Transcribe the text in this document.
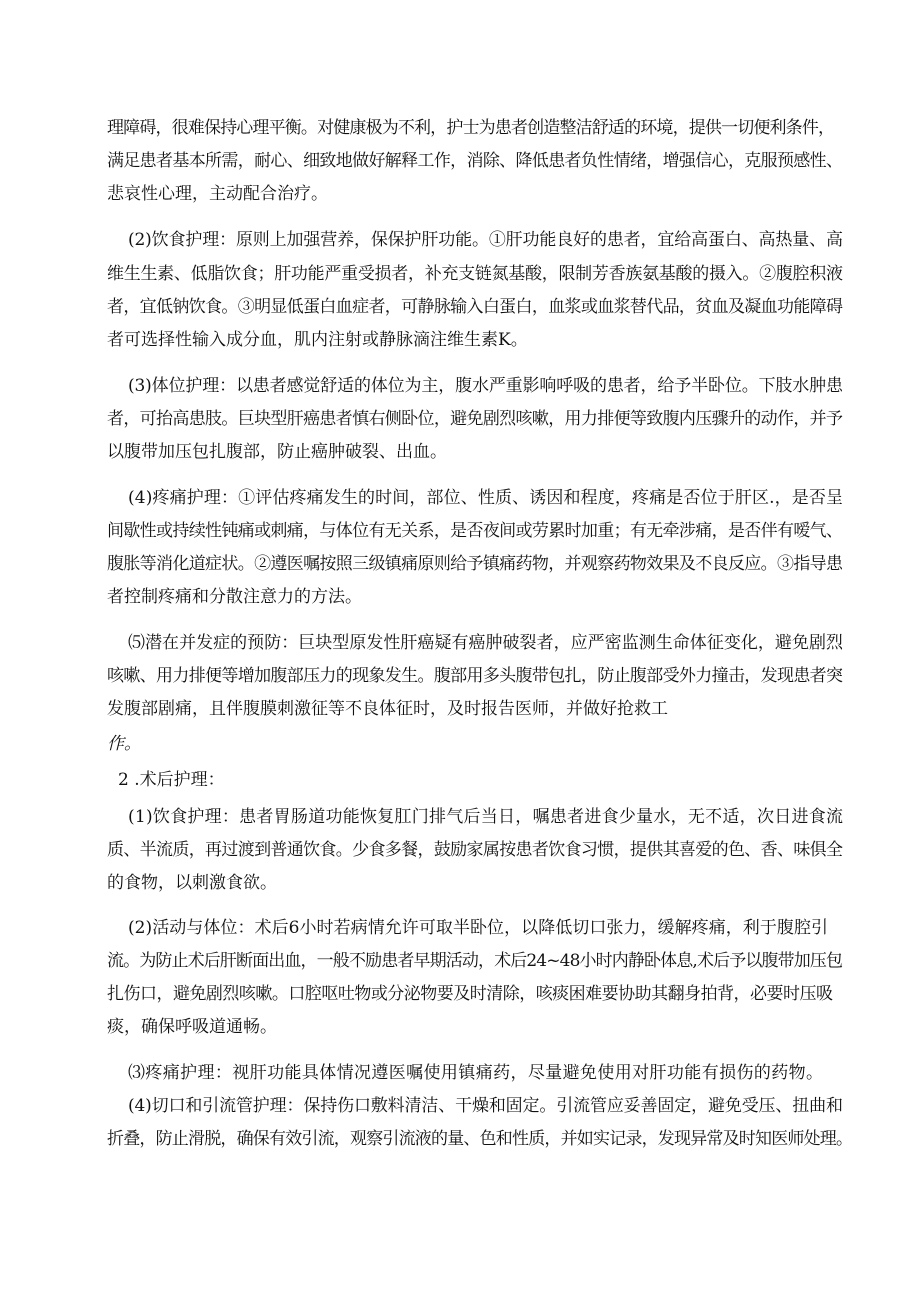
理障碍，很难保持心理平衡。对健康极为不利，护士为患者创造整洁舒适的环境，提供一切便利条件，

满足患者基本所需，耐心、细致地做好解释工作，消除、降低患者负性情绪，增强信心，克服预感性、

悲哀性心理，主动配合治疗。

(2)饮食护理：原则上加强营养，保保护肝功能。①肝功能良好的患者，宜给高蛋白、高热量、高

维生生素、低脂饮食；肝功能严重受损者，补充支链氮基酸，限制芳香族氨基酸的摄入。②腹腔积液

者，宜低钠饮食。③明显低蛋白血症者，可静脉输入白蛋白，血浆或血浆替代品，贫血及凝血功能障碍

者可选择性输入成分血，肌内注射或静脉滴注维生素K。

(3)体位护理：以患者感觉舒适的体位为主，腹水严重影响呼吸的患者，给予半卧位。下肢水肿患

者，可抬高患肢。巨块型肝癌患者慎右侧卧位，避免剧烈咳嗽，用力排便等致腹内压骤升的动作，并予

以腹带加压包扎腹部，防止癌肿破裂、出血。

(4)疼痛护理：①评估疼痛发生的时间，部位、性质、诱因和程度，疼痛是否位于肝区.，是否呈

间歇性或持续性钝痛或刺痛，与体位有无关系，是否夜间或劳累时加重；有无牵涉痛，是否伴有嗳气、

腹胀等消化道症状。②遵医嘱按照三级镇痛原则给予镇痛药物，并观察药物效果及不良反应。③指导患

者控制疼痛和分散注意力的方法。

⑸潜在并发症的预防：巨块型原发性肝癌疑有癌肿破裂者，应严密监测生命体征变化，避免剧烈

咳嗽、用力排便等增加腹部压力的现象发生。腹部用多头腹带包扎，防止腹部受外力撞击，发现患者突

发腹部剧痛，且伴腹膜刺激征等不良体征时，及时报告医师，并做好抢救工

作。

2 .术后护理：

(1)饮食护理：患者胃肠道功能恢复肛门排气后当日，嘱患者进食少量水，无不适，次日进食流

质、半流质，再过渡到普通饮食。少食多餐，鼓励家属按患者饮食习惯，提供其喜爱的色、香、味俱全

的食物，以刺激食欲。

(2)活动与体位：术后6小时若病情允许可取半卧位，以降低切口张力，缓解疼痛，利于腹腔引

流。为防止术后肝断面出血，一般不励患者早期活动，术后24~48小时内静卧体息,术后予以腹带加压包

扎伤口，避免剧烈咳嗽。口腔呕吐物或分泌物要及时清除，咳痰困难要协助其翻身拍背，必要时压吸

痰，确保呼吸道通畅。

⑶疼痛护理：视肝功能具体情况遵医嘱使用镇痛药，尽量避免使用对肝功能有损伤的药物。

(4)切口和引流管护理：保持伤口敷料清洁、干燥和固定。引流管应妥善固定，避免受压、扭曲和

折叠，防止滑脱，确保有效引流，观察引流液的量、色和性质，并如实记录，发现异常及时知医师处理。
